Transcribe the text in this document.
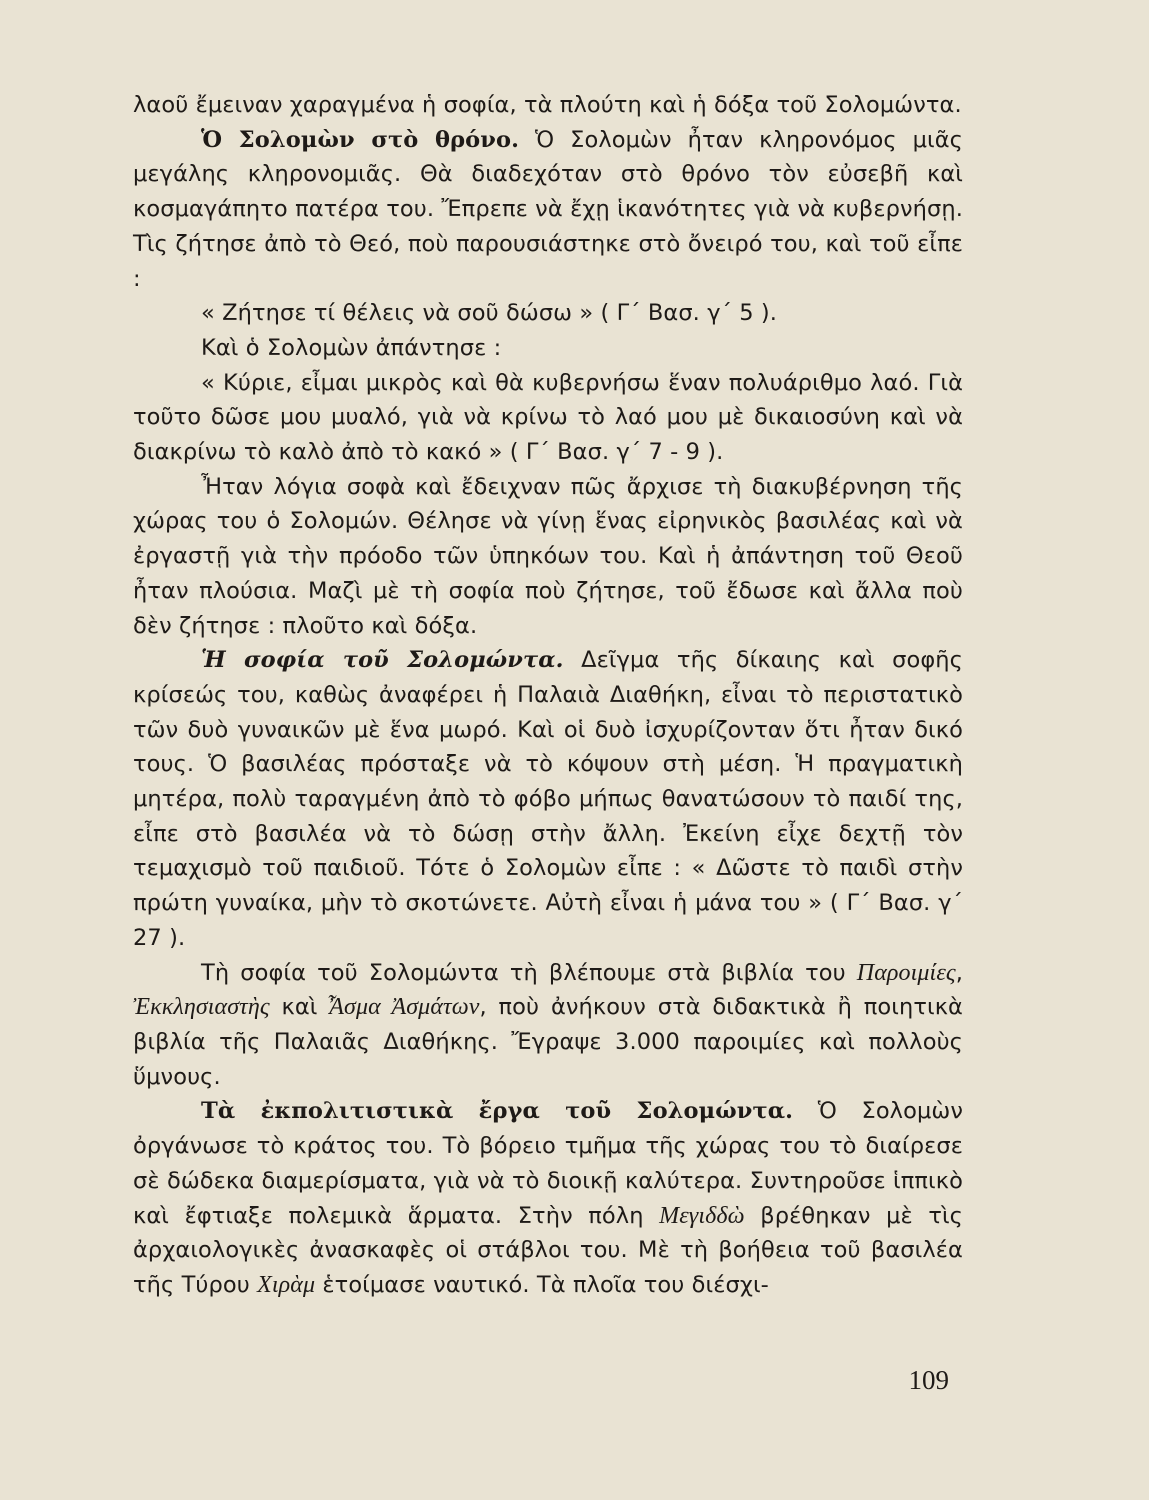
λαοῦ ἔμειναν χαραγμένα ἡ σοφία, τὰ πλούτη καὶ ἡ δόξα τοῦ Σολομώντα.

Ὁ Σολομὼν στὸ θρόνο. Ὁ Σολομὼν ἦταν κληρονόμος μιᾶς μεγάλης κληρονομιᾶς. Θὰ διαδεχόταν στὸ θρόνο τὸν εὐσεβῆ καὶ κοσμαγάπητο πατέρα του. Ἔπρεπε νὰ ἔχῃ ἱκανότητες γιὰ νὰ κυβερνήσῃ. Τὶς ζήτησε ἀπὸ τὸ Θεό, ποὺ παρουσιάστηκε στὸ ὄνειρό του, καὶ τοῦ εἶπε :

« Ζήτησε τί θέλεις νὰ σοῦ δώσω » ( Γ΄ Βασ. γ΄ 5 ).

Καὶ ὁ Σολομὼν ἀπάντησε :

« Κύριε, εἶμαι μικρὸς καὶ θὰ κυβερνήσω ἕναν πολυάριθμο λαό. Γιὰ τοῦτο δῶσε μου μυαλό, γιὰ νὰ κρίνω τὸ λαό μου μὲ δικαιοσύνη καὶ νὰ διακρίνω τὸ καλὸ ἀπὸ τὸ κακό » ( Γ΄ Βασ. γ΄ 7 - 9 ).

Ἦταν λόγια σοφὰ καὶ ἔδειχναν πῶς ἄρχισε τὴ διακυβέρνηση τῆς χώρας του ὁ Σολομών. Θέλησε νὰ γίνῃ ἕνας εἰρηνικὸς βασιλέας καὶ νὰ ἐργαστῇ γιὰ τὴν πρόοδο τῶν ὑπηκόων του. Καὶ ἡ ἀπάντηση τοῦ Θεοῦ ἦταν πλούσια. Μαζὶ μὲ τὴ σοφία ποὺ ζήτησε, τοῦ ἔδωσε καὶ ἄλλα ποὺ δὲν ζήτησε : πλοῦτο καὶ δόξα.

Ἡ σοφία τοῦ Σολομώντα. Δεῖγμα τῆς δίκαιης καὶ σοφῆς κρίσεώς του, καθὼς ἀναφέρει ἡ Παλαιὰ Διαθήκη, εἶναι τὸ περιστατικὸ τῶν δυὸ γυναικῶν μὲ ἕνα μωρό. Καὶ οἱ δυὸ ἰσχυρίζονταν ὅτι ἦταν δικό τους. Ὁ βασιλέας πρόσταξε νὰ τὸ κόψουν στὴ μέση. Ἡ πραγματικὴ μητέρα, πολὺ ταραγμένη ἀπὸ τὸ φόβο μήπως θανατώσουν τὸ παιδί της, εἶπε στὸ βασιλέα νὰ τὸ δώσῃ στὴν ἄλλη. Ἐκείνη εἶχε δεχτῇ τὸν τεμαχισμὸ τοῦ παιδιοῦ. Τότε ὁ Σολομὼν εἶπε : « Δῶστε τὸ παιδὶ στὴν πρώτη γυναίκα, μὴν τὸ σκοτώνετε. Αὐτὴ εἶναι ἡ μάνα του » ( Γ΄ Βασ. γ΄ 27 ).

Τὴ σοφία τοῦ Σολομώντα τὴ βλέπουμε στὰ βιβλία του Παροιμίες, Ἐκκλησιαστὴς καὶ Ἆσμα Ἀσμάτων, ποὺ ἀνήκουν στὰ διδακτικὰ ἢ ποιητικὰ βιβλία τῆς Παλαιᾶς Διαθήκης. Ἔγραψε 3.000 παροιμίες καὶ πολλοὺς ὕμνους.

Τὰ ἐκπολιτιστικὰ ἔργα τοῦ Σολομώντα. Ὁ Σολομὼν ὀργάνωσε τὸ κράτος του. Τὸ βόρειο τμῆμα τῆς χώρας του τὸ διαίρεσε σὲ δώδεκα διαμερίσματα, γιὰ νὰ τὸ διοικῇ καλύτερα. Συντηροῦσε ἱππικὸ καὶ ἔφτιαξε πολεμικὰ ἅρματα. Στὴν πόλη Μεγιδδὼ βρέθηκαν μὲ τὶς ἀρχαιολογικὲς ἀνασκαφὲς οἱ στάβλοι του. Μὲ τὴ βοήθεια τοῦ βασιλέα τῆς Τύρου Χιρὰμ ἑτοίμασε ναυτικό. Τὰ πλοῖα του διέσχι-

109
